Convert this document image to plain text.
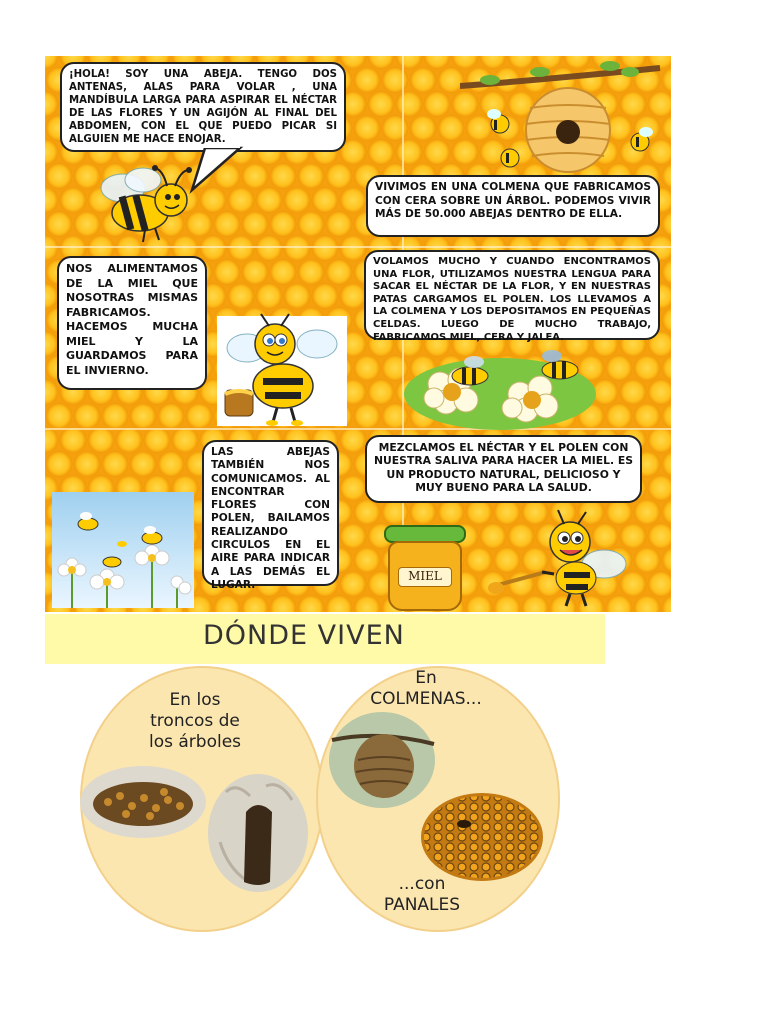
¡HOLA! SOY UNA ABEJA. TENGO DOS ANTENAS, ALAS PARA VOLAR , UNA MANDÍBULA LARGA PARA ASPIRAR EL NÉCTAR DE LAS FLORES Y UN AGIJÓN AL FINAL DEL ABDOMEN, CON EL QUE PUEDO PICAR SI ALGUIEN ME HACE ENOJAR.
VIVIMOS EN UNA COLMENA QUE FABRICAMOS CON CERA SOBRE UN ÁRBOL. PODEMOS VIVIR MÁS DE 50.000 ABEJAS DENTRO DE ELLA.
NOS ALIMENTAMOS DE LA MIEL QUE NOSOTRAS MISMAS FABRICAMOS. HACEMOS MUCHA MIEL Y LA GUARDAMOS PARA EL INVIERNO.
VOLAMOS MUCHO Y CUANDO ENCONTRAMOS UNA FLOR, UTILIZAMOS NUESTRA LENGUA PARA SACAR EL NÉCTAR DE LA FLOR, Y EN NUESTRAS PATAS CARGAMOS EL POLEN. LOS LLEVAMOS A LA COLMENA Y LOS DEPOSITAMOS EN PEQUEÑAS CELDAS. LUEGO DE MUCHO TRABAJO, FABRICAMOS MIEL, CERA Y JALEA.
LAS ABEJAS TAMBIÉN NOS COMUNICAMOS. AL ENCONTRAR FLORES CON POLEN, BAILAMOS REALIZANDO CIRCULOS EN EL AIRE PARA INDICAR A LAS DEMÁS EL LUGAR.
MEZCLAMOS EL NÉCTAR Y EL POLEN CON NUESTRA SALIVA PARA HACER LA MIEL. ES UN PRODUCTO NATURAL, DELICIOSO Y MUY BUENO PARA LA SALUD.
MIEL
DÓNDE VIVEN
En los
troncos de
los árboles
En
COLMENAS...
...con
PANALES
